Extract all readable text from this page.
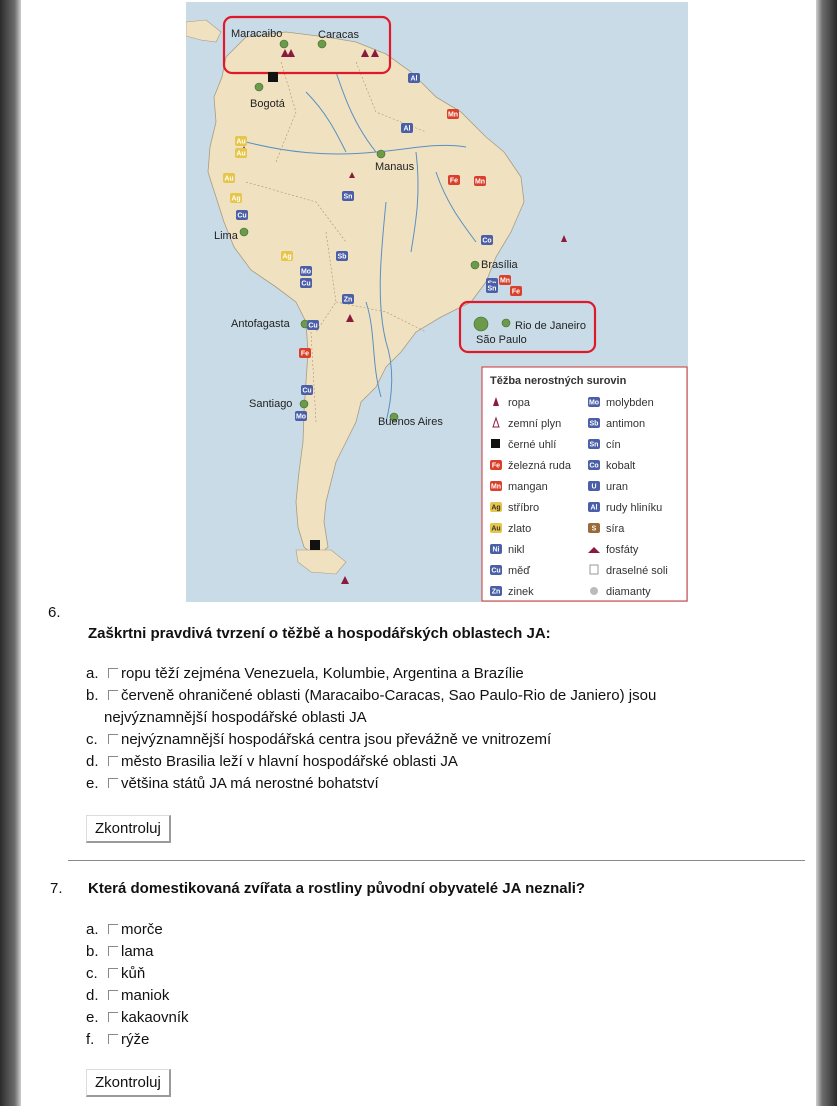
Maracaibo	Caracas
Bogotá
Manaus
Lima
Brasília
Antofagasta	Rio de Janeiro
São Paulo
Santiago
Buenos Aires
Al
Al
Mn
Au
Au
Au
Ag
Cu
Mn
Fe
Sn
Co
Ag	Sb
Mo
Cu
Zn
Sn
Mn
Fe
Cu
Fe
Cu
Mo
Těžba nerostných surovin
ropa
zemní plyn
černé uhlí
Fe železná ruda
Mn mangan
Ag stříbro
Au zlato
Ni nikl
Cu měď
Zn zinek
Mo molybden
Sb antimon
Sn cín
Co kobalt
U uran
Al rudy hliníku
S síra
fosfáty
draselné soli
diamanty
6.
Zaškrtni pravdivá tvrzení o těžbě a hospodářských oblastech JA:
a. ropu těží zejména Venezuela, Kolumbie, Argentina a Brazílie
b. červeně ohraničené oblasti (Maracaibo-Caracas, Sao Paulo-Rio de Janiero) jsou
nejvýznamnější hospodářské oblasti JA
c. nejvýznamnější hospodářská centra jsou převážně ve vnitrozemí
d. město Brasilia leží v hlavní hospodářské oblasti JA
e. většina států JA má nerostné bohatství
Zkontroluj
7. Která domestikovaná zvířata a rostliny původní obyvatelé JA neznali?
a. morče
b. lama
c. kůň
d. maniok
e. kakaovník
f. rýže
Zkontroluj
